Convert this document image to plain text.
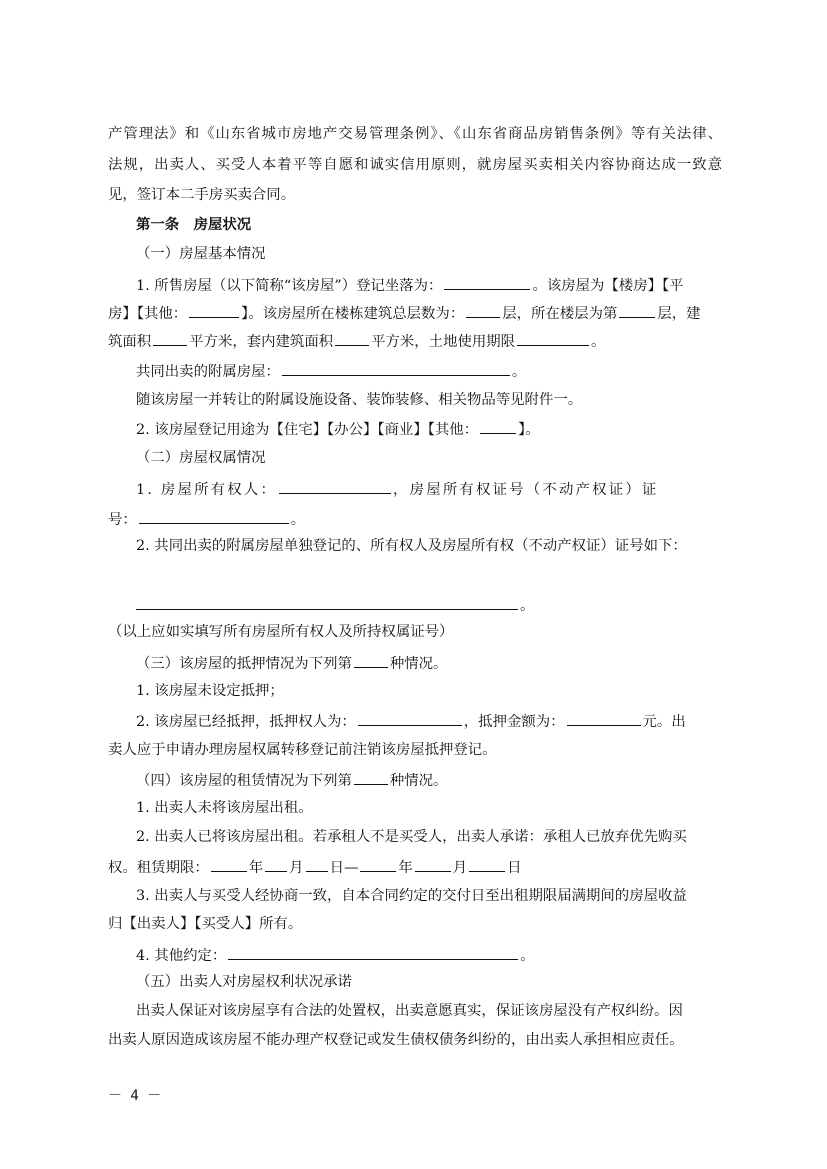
产管理法》和《山东省城市房地产交易管理条例》、《山东省商品房销售条例》等有关法律、
法规，出卖人、买受人本着平等自愿和诚实信用原则，就房屋买卖相关内容协商达成一致意
见，签订本二手房买卖合同。
第一条　房屋状况
（一）房屋基本情况
1. 所售房屋（以下简称“该房屋”）登记坐落为：	。该房屋为【楼房】【平
房】【其他：	】。该房屋所在楼栋建筑总层数为：	层，所在楼层为第	层，建
筑面积	平方米，套内建筑面积	平方米，土地使用期限	。
共同出卖的附属房屋：	。
随该房屋一并转让的附属设施设备、装饰装修、相关物品等见附件一。
2. 该房屋登记用途为【住宅】【办公】【商业】【其他：	】。
（二）房屋权属情况
1. 房屋所有权人：	，房屋所有权证号（不动产权证）证
号：	。
2. 共同出卖的附属房屋单独登记的、所有权人及房屋所有权（不动产权证）证号如下：
。
（以上应如实填写所有房屋所有权人及所持权属证号）
（三）该房屋的抵押情况为下列第	种情况。
1. 该房屋未设定抵押；
2. 该房屋已经抵押，抵押权人为：	，抵押金额为：	元。出
卖人应于申请办理房屋权属转移登记前注销该房屋抵押登记。
（四）该房屋的租赁情况为下列第	种情况。
1. 出卖人未将该房屋出租。
2. 出卖人已将该房屋出租。若承租人不是买受人，出卖人承诺：承租人已放弃优先购买
权。租赁期限：	年 月 日—	年	月	日
3. 出卖人与买受人经协商一致，自本合同约定的交付日至出租期限届满期间的房屋收益
归【出卖人】【买受人】所有。
4. 其他约定：	。
（五）出卖人对房屋权利状况承诺
出卖人保证对该房屋享有合法的处置权，出卖意愿真实，保证该房屋没有产权纠纷。因
出卖人原因造成该房屋不能办理产权登记或发生债权债务纠纷的，由出卖人承担相应责任。
－ 4 －
